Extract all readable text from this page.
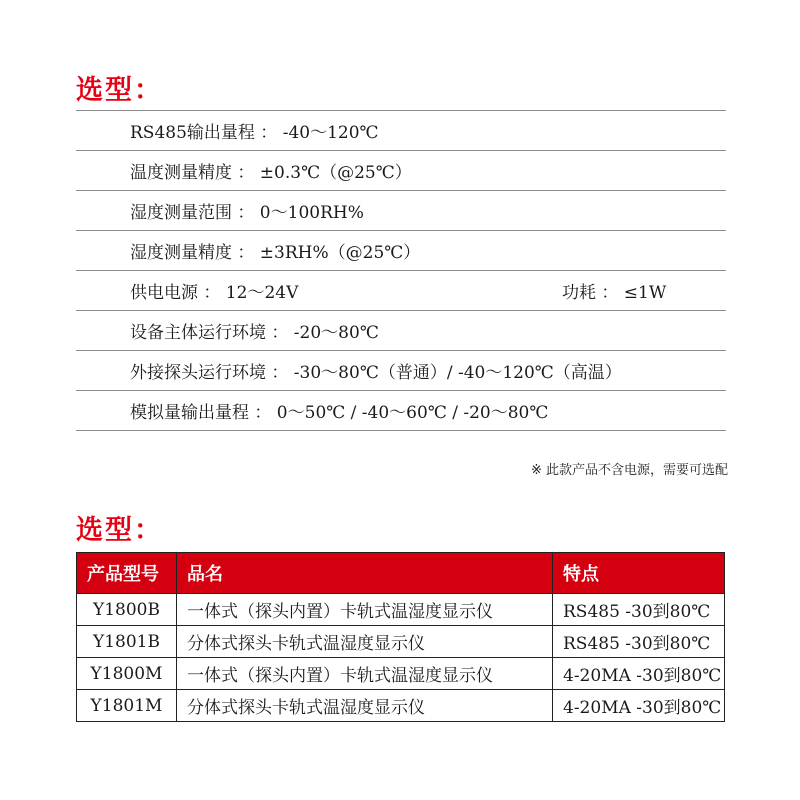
选型：
RS485输出量程 ： -40～120℃
温度测量精度 ： ±0.3℃（@25℃）
湿度测量范围 ： 0～100RH%
湿度测量精度 ： ±3RH%（@25℃）
供电电源 ： 12～24V	功耗 ： ≤1W
设备主体运行环境 ： -20～80℃
外接探头运行环境 ： -30～80℃（普通）/ -40～120℃（高温）
模拟量输出量程 ： 0～50℃ / -40～60℃ / -20～80℃
※ 此款产品不含电源，需要可选配
选型：
产品型号	品名	特点
Y1800B	一体式（探头内置）卡轨式温湿度显示仪	RS485 -30到80℃
Y1801B	分体式探头卡轨式温湿度显示仪	RS485 -30到80℃
Y1800M	一体式（探头内置）卡轨式温湿度显示仪	4-20MA -30到80℃
Y1801M	分体式探头卡轨式温湿度显示仪	4-20MA -30到80℃
